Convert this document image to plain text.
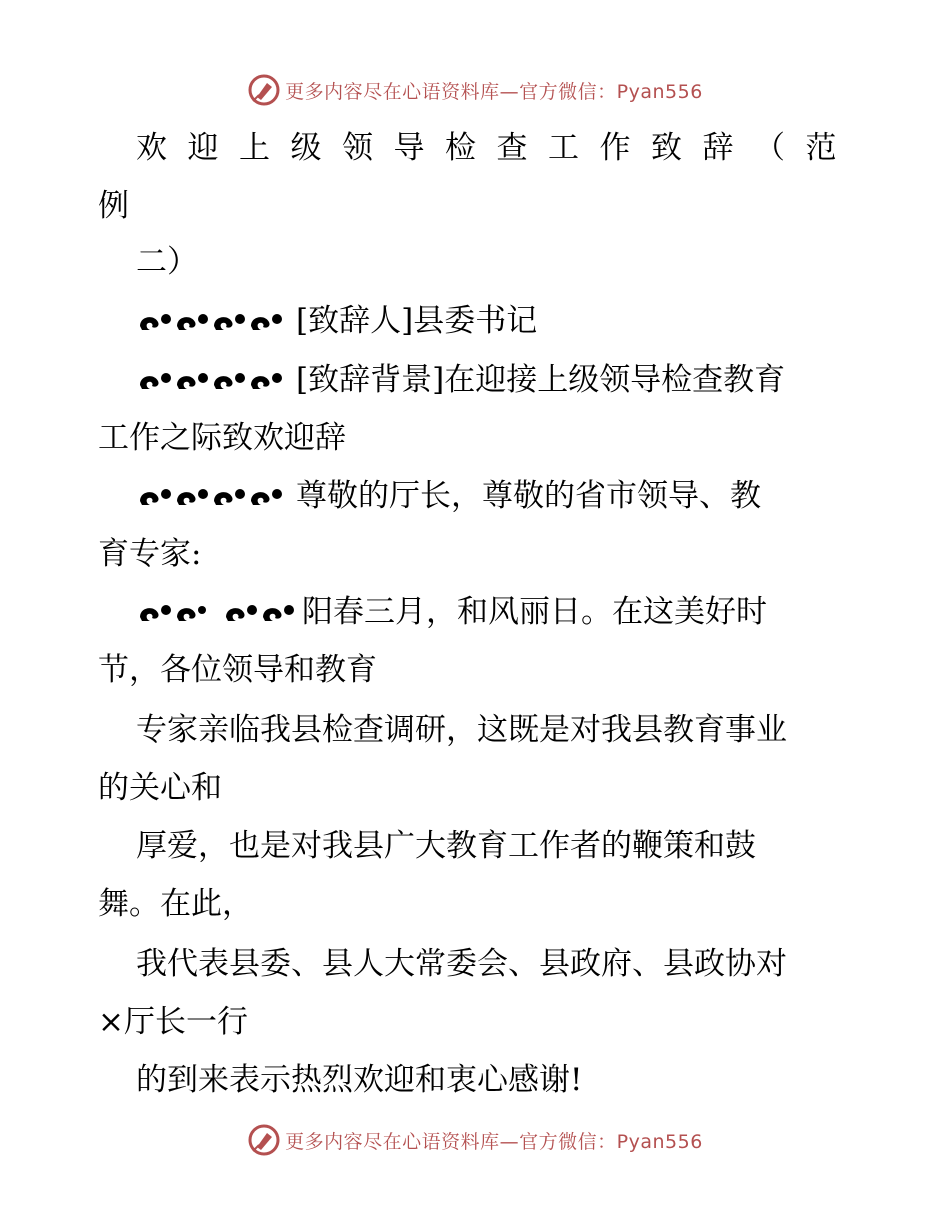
更多内容尽在心语资料库—官方微信：Pyan556
欢迎上级领导检查工作致辞（范
例
二）
[致辞人]县委书记
[致辞背景]在迎接上级领导检查教育
工作之际致欢迎辞
尊敬的厅长，尊敬的省市领导、教
育专家:
阳春三月，和风丽日。在这美好时
节，各位领导和教育
专家亲临我县检查调研，这既是对我县教育事业
的关心和
厚爱，也是对我县广大教育工作者的鞭策和鼓
舞。在此，
我代表县委、县人大常委会、县政府、县政协对
×厅长一行
的到来表示热烈欢迎和衷心感谢!
更多内容尽在心语资料库—官方微信：Pyan556
